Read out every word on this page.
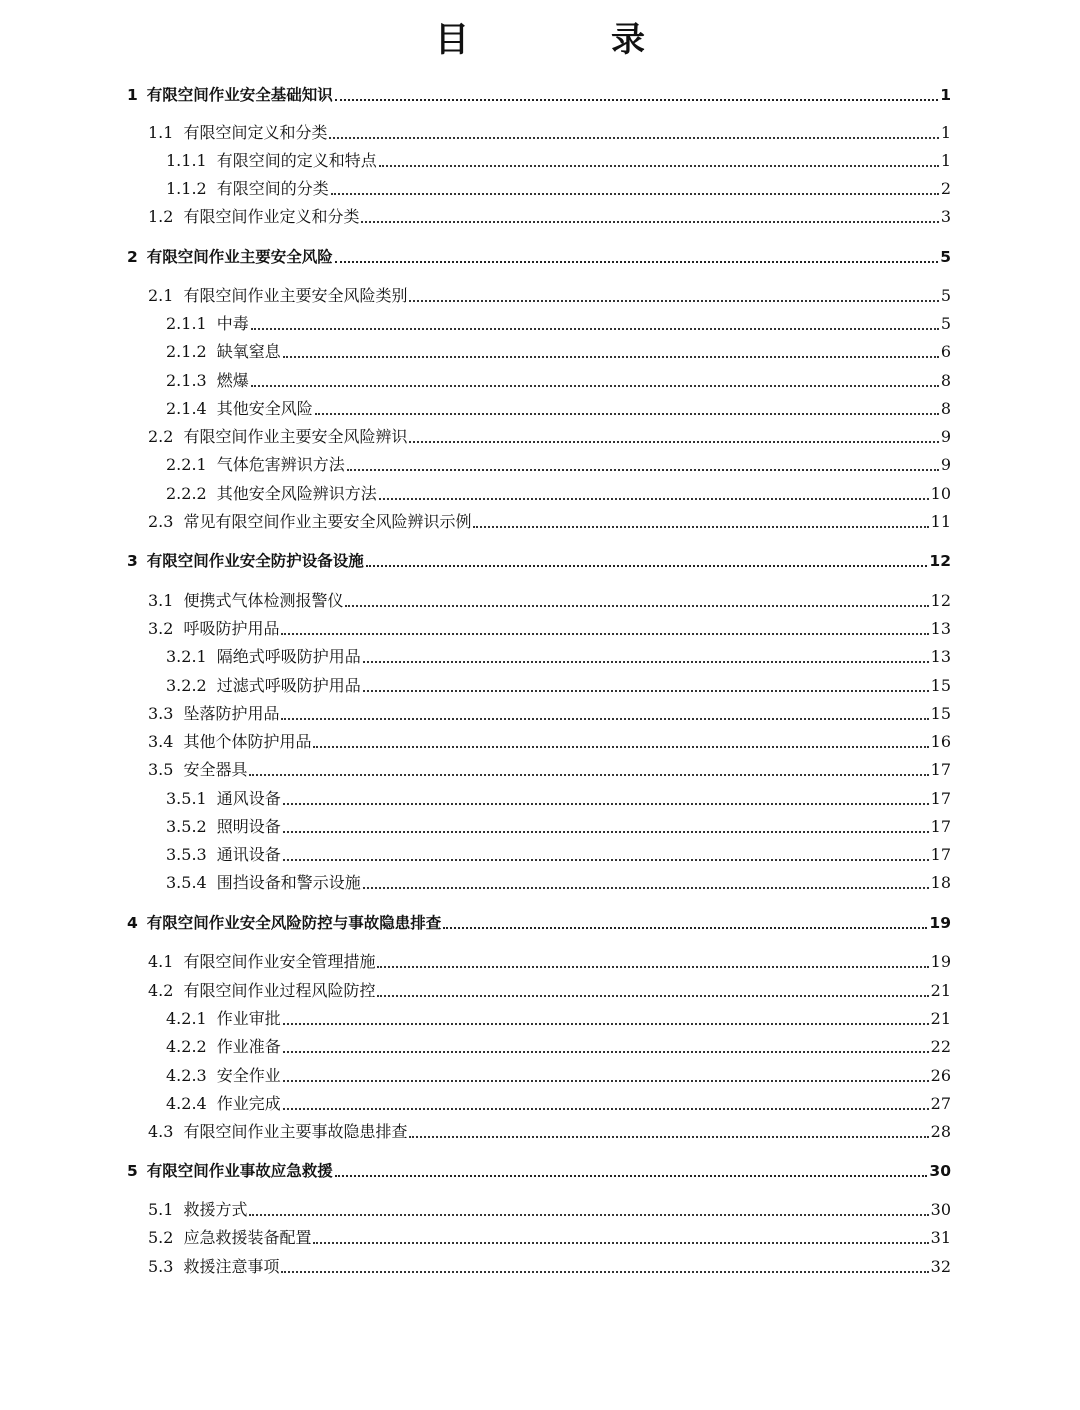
目　录
1 有限空间作业安全基础知识	1
1.1 有限空间定义和分类	1
1.1.1 有限空间的定义和特点	1
1.1.2 有限空间的分类	2
1.2 有限空间作业定义和分类	3
2 有限空间作业主要安全风险	5
2.1 有限空间作业主要安全风险类别	5
2.1.1 中毒	5
2.1.2 缺氧窒息	6
2.1.3 燃爆	8
2.1.4 其他安全风险	8
2.2 有限空间作业主要安全风险辨识	9
2.2.1 气体危害辨识方法	9
2.2.2 其他安全风险辨识方法	10
2.3 常见有限空间作业主要安全风险辨识示例	11
3 有限空间作业安全防护设备设施	12
3.1 便携式气体检测报警仪	12
3.2 呼吸防护用品	13
3.2.1 隔绝式呼吸防护用品	13
3.2.2 过滤式呼吸防护用品	15
3.3 坠落防护用品	15
3.4 其他个体防护用品	16
3.5 安全器具	17
3.5.1 通风设备	17
3.5.2 照明设备	17
3.5.3 通讯设备	17
3.5.4 围挡设备和警示设施	18
4 有限空间作业安全风险防控与事故隐患排查	19
4.1 有限空间作业安全管理措施	19
4.2 有限空间作业过程风险防控	21
4.2.1 作业审批	21
4.2.2 作业准备	22
4.2.3 安全作业	26
4.2.4 作业完成	27
4.3 有限空间作业主要事故隐患排查	28
5 有限空间作业事故应急救援	30
5.1 救援方式	30
5.2 应急救援装备配置	31
5.3 救援注意事项	32
